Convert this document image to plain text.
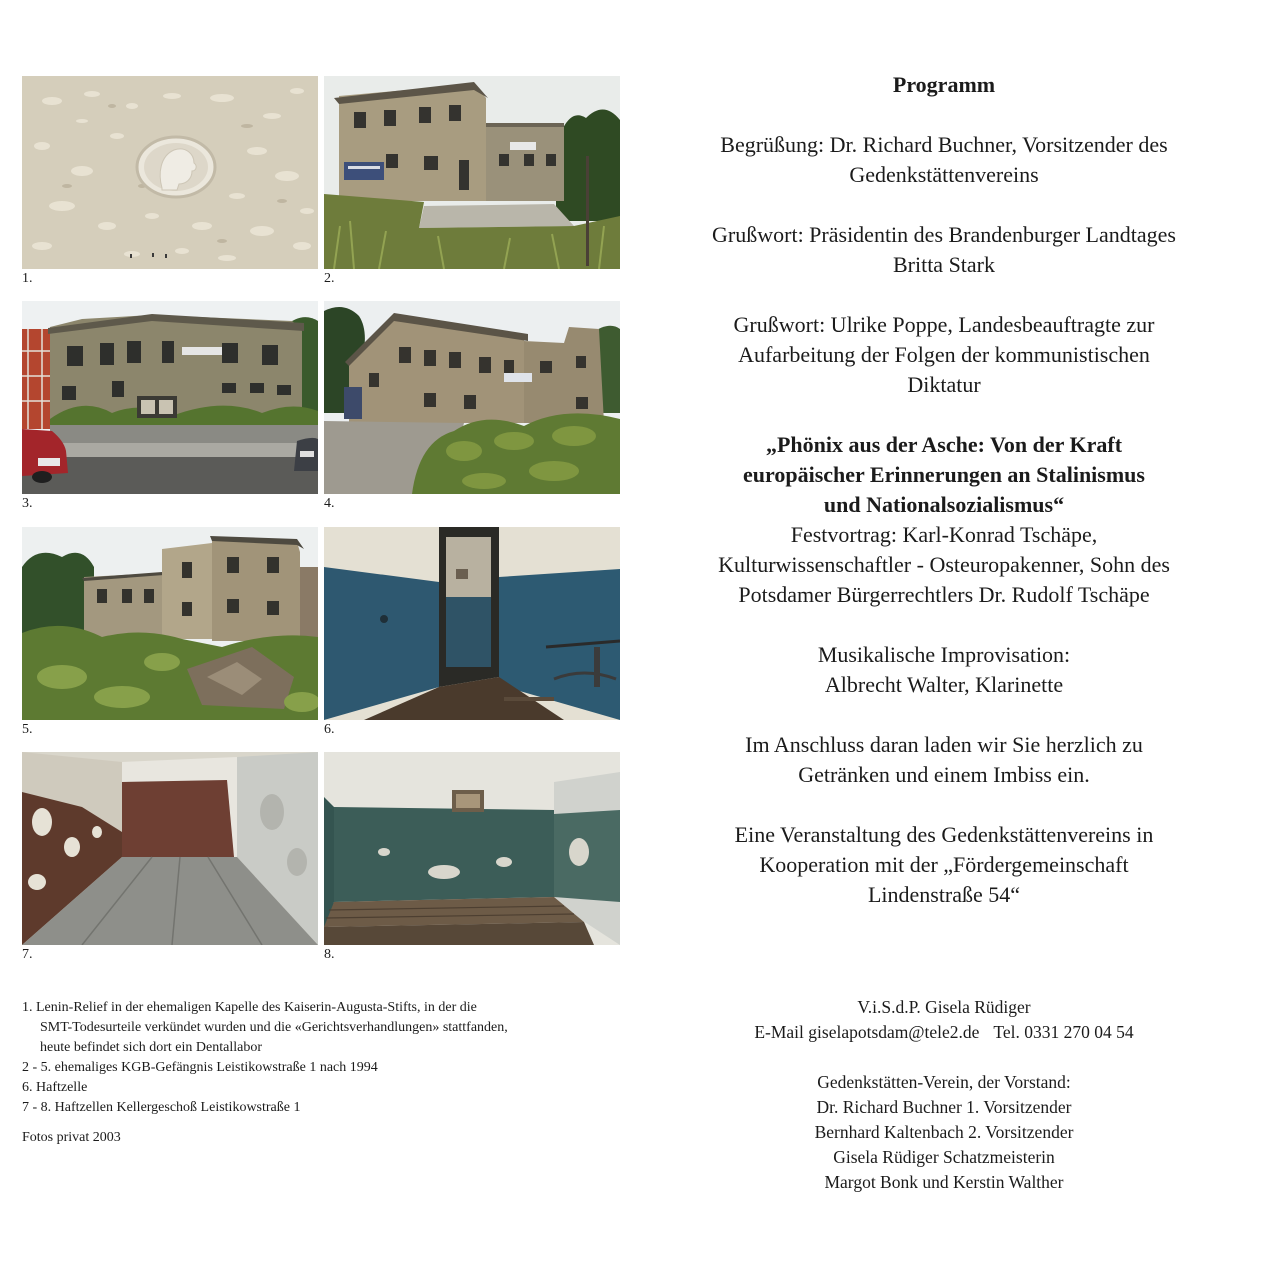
1.	2.
3.	4.
5.	6.
7.	8.
1. Lenin-Relief in der ehemaligen Kapelle des Kaiserin-Augusta-Stifts, in der die
SMT-Todesurteile verkündet wurden und die «Gerichtsverhandlungen» stattfanden,
heute befindet sich dort ein Dentallabor
2 - 5. ehemaliges KGB-Gefängnis Leistikowstraße 1 nach 1994
6. Haftzelle
7 - 8. Haftzellen Kellergeschoß Leistikowstraße 1
Fotos privat 2003
Programm
Begrüßung: Dr. Richard Buchner, Vorsitzender des
Gedenkstättenvereins
Grußwort: Präsidentin des Brandenburger Landtages
Britta Stark
Grußwort: Ulrike Poppe, Landesbeauftragte zur
Aufarbeitung der Folgen der kommunistischen
Diktatur
„Phönix aus der Asche: Von der Kraft
europäischer Erinnerungen an Stalinismus
und Nationalsozialismus“
Festvortrag: Karl-Konrad Tschäpe,
Kulturwissenschaftler - Osteuropakenner, Sohn des
Potsdamer Bürgerrechtlers Dr. Rudolf Tschäpe
Musikalische Improvisation:
Albrecht Walter, Klarinette
Im Anschluss daran laden wir Sie herzlich zu
Getränken und einem Imbiss ein.
Eine Veranstaltung des Gedenkstättenvereins in
Kooperation mit der „Fördergemeinschaft
Lindenstraße 54“
V.i.S.d.P. Gisela Rüdiger
E-Mail giselapotsdam@tele2.de Tel. 0331 270 04 54
Gedenkstätten-Verein, der Vorstand:
Dr. Richard Buchner 1. Vorsitzender
Bernhard Kaltenbach 2. Vorsitzender
Gisela Rüdiger Schatzmeisterin
Margot Bonk und Kerstin Walther
